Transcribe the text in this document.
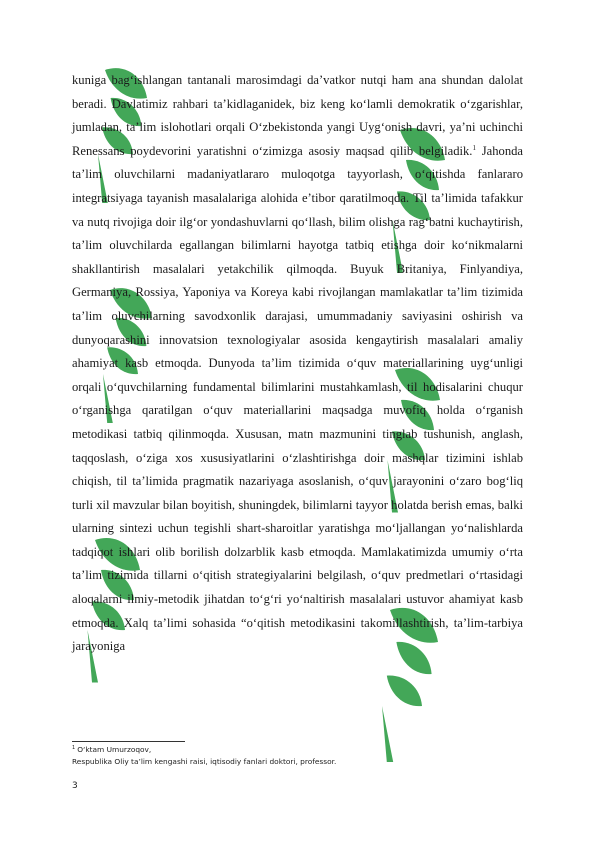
kuniga bag‘ishlangan tantanali marosimdagi da’vatkor nutqi ham ana shundan dalolat beradi. Davlatimiz rahbari ta’kidlaganidek, biz keng ko‘lamli demokratik o‘zgarishlar, jumladan, ta’lim islohotlari orqali O‘zbekistonda yangi Uyg‘onish davri, ya’ni uchinchi Renessans poydevorini yaratishni o‘zimizga asosiy maqsad qilib belgiladik.$^1$ Jahonda ta’lim oluvchilarni madaniyatlararo muloqotga tayyorlash, o‘qitishda fanlararo integratsiyaga tayanish masalalariga alohida e’tibor qaratilmoqda. Til ta’limida tafakkur va nutq rivojiga doir ilg‘or yondashuvlarni qo‘llash, bilim olishga rag‘batni kuchaytirish, ta’lim oluvchilarda egallangan bilimlarni hayotga tatbiq etishga doir ko‘nikmalarni shakllantirish masalalari yetakchilik qilmoqda. Buyuk Britaniya, Finlyandiya, Germaniya, Rossiya, Yaponiya va Koreya kabi rivojlangan mamlakatlar ta’lim tizimida ta’lim oluvchilarning savodxonlik darajasi, umummadaniy saviyasini oshirish va dunyoqarashini innovatsion texnologiyalar asosida kengaytirish masalalari amaliy ahamiyat kasb etmoqda. Dunyoda ta’lim tizimida o‘quv materiallarining uyg‘unligi orqali o‘quvchilarning fundamental bilimlarini mustahkamlash, til hodisalarini chuqur o‘rganishga qaratilgan o‘quv materiallarini maqsadga muvofiq holda o‘rganish metodikasi tatbiq qilinmoqda. Xususan, matn mazmunini tinglab tushunish, anglash, taqqoslash, o‘ziga xos xususiyatlarini o‘zlashtirishga doir mashqlar tizimini ishlab chiqish, til ta’limida pragmatik nazariyaga asoslanish, o‘quv jarayonini o‘zaro bog‘liq turli xil mavzular bilan boyitish, shuningdek, bilimlarni tayyor holatda berish emas, balki ularning sintezi uchun tegishli shart-sharoitlar yaratishga mo‘ljallangan yo‘nalishlarda tadqiqot ishlari olib borilish dolzarblik kasb etmoqda. Mamlakatimizda umumiy o‘rta ta’lim tizimida tillarni o‘qitish strategiyalarini belgilash, o‘quv predmetlari o‘rtasidagi aloqalarni ilmiy-metodik jihatdan to‘g‘ri yo‘naltirish masalalari ustuvor ahamiyat kasb etmoqda. Xalq ta’limi sohasida “o‘qitish metodikasini takomillashtirish, ta’lim-tarbiya jarayoniga

$^1$ O‘ktam Umurzoqov,
Respublika Oliy ta’lim kengashi raisi, iqtisodiy fanlari doktori, professor.
3
